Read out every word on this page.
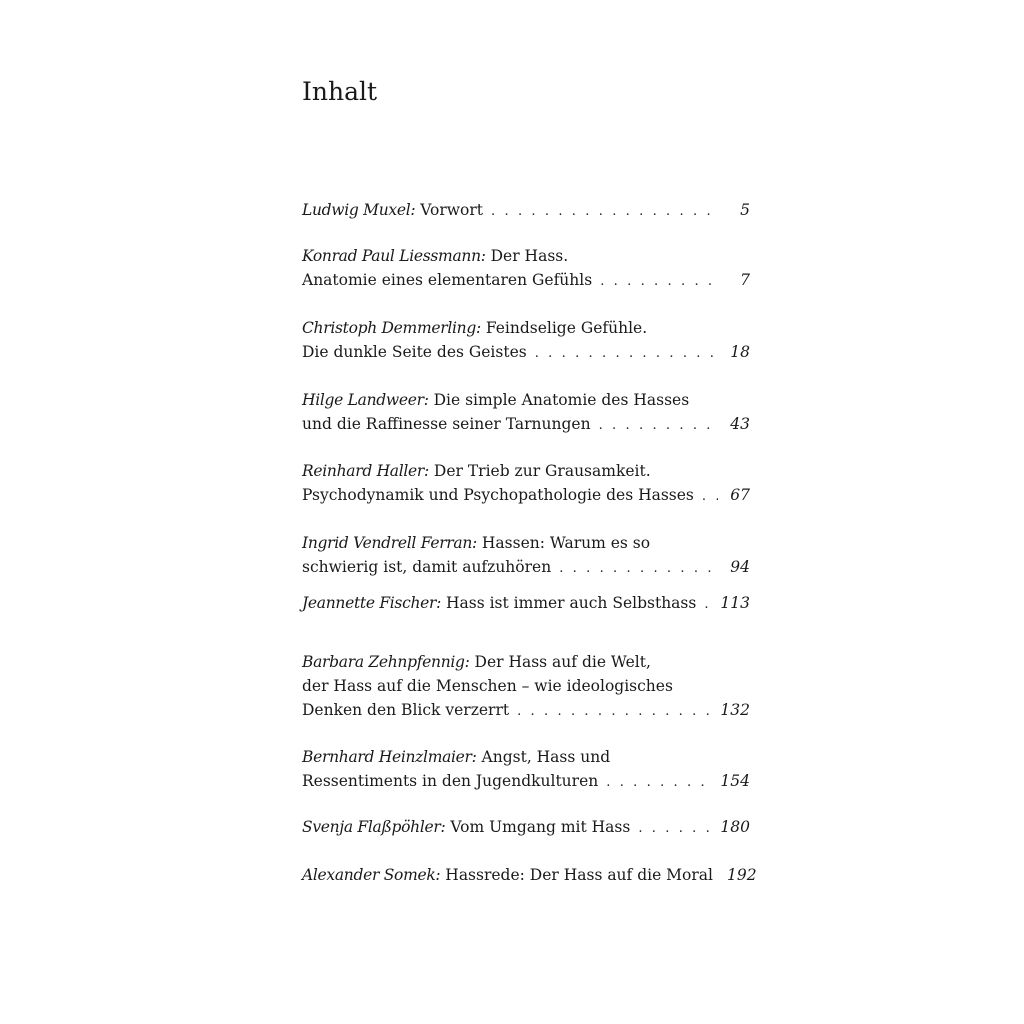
Inhalt
Ludwig Muxel:
Vorwort . . .	5
Konrad Paul Liessmann:
Der Hass.
Anatomie eines elementaren Gefühls . . .	7
Christoph Demmerling:
Feindselige Gefühle.
Die dunkle Seite des Geistes . . .	18
Hilge Landweer:
Die simple Anatomie des Hasses
und die Raffinesse seiner Tarnungen . . .	43
Reinhard Haller:
Der Trieb zur Grausamkeit.
Psychodynamik und Psychopathologie des Hasses . . .	67
Ingrid Vendrell Ferran:
Hassen: Warum es so
schwierig ist, damit aufzuhören . . .	94
Jeannette Fischer:
Hass ist immer auch Selbsthass . . . 113
Barbara Zehnpfennig:
Der Hass auf die Welt,
der Hass auf die Menschen – wie ideologisches
Denken den Blick verzerrt . . .	132
Bernhard Heinzlmaier:
Angst, Hass und
Ressentiments in den Jugendkulturen . . .	154
Svenja Flaßpöhler:
Vom Umgang mit Hass . . .	180
Alexander Somek:
Hassrede: Der Hass auf die Moral 192
